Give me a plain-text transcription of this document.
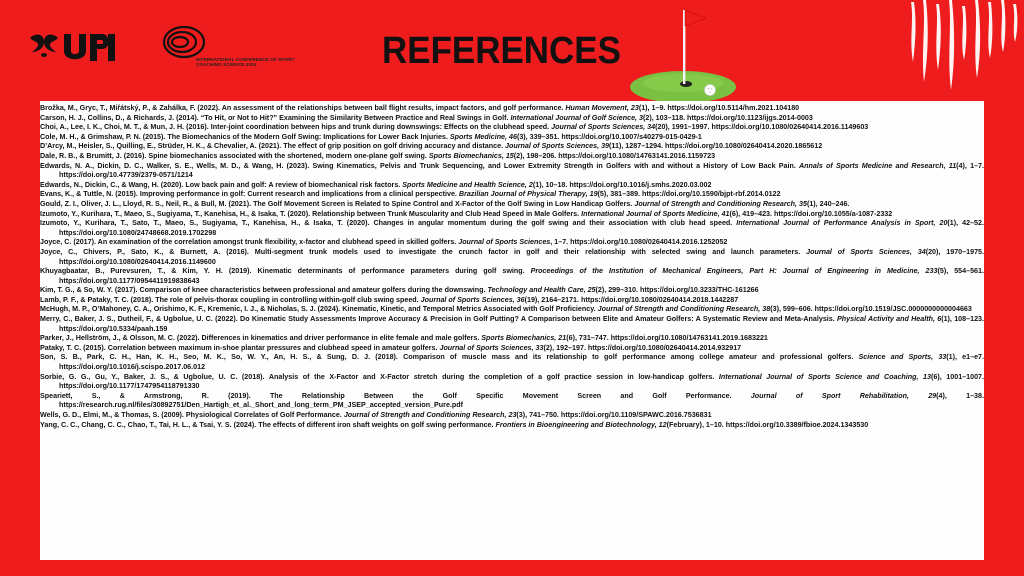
INTERNATIONAL CONFERENCE OF SPORT COACHING SCIENCE 2024	REFERENCES

Brožka, M., Gryc, T., Miřátský, P., & Zahálka, F. (2022). An assessment of the relationships between ball flight results, impact factors, and golf performance. Human Movement, 23(1), 1–9. https://doi.org/10.5114/hm.2021.104180

Carson, H. J., Collins, D., & Richards, J. (2014). “To Hit, or Not to Hit?” Examining the Similarity Between Practice and Real Swings in Golf. International Journal of Golf Science, 3(2), 103–118. https://doi.org/10.1123/ijgs.2014-0003

Choi, A., Lee, I. K., Choi, M. T., & Mun, J. H. (2016). Inter-joint coordination between hips and trunk during downswings: Effects on the clubhead speed. Journal of Sports Sciences, 34(20), 1991–1997. https://doi.org/10.1080/02640414.2016.1149603

Cole, M. H., & Grimshaw, P. N. (2015). The Biomechanics of the Modern Golf Swing: Implications for Lower Back Injuries. Sports Medicine, 46(3), 339–351. https://doi.org/10.1007/s40279-015-0429-1

D’Arcy, M., Heisler, S., Quilling, E., Strüder, H. K., & Chevalier, A. (2021). The effect of grip position on golf driving accuracy and distance. Journal of Sports Sciences, 39(11), 1287–1294. https://doi.org/10.1080/02640414.2020.1865612

Dale, R. B., & Brumitt, J. (2016). Spine biomechanics associated with the shortened, modern one-plane golf swing. Sports Biomechanics, 15(2), 198–206. https://doi.org/10.1080/14763141.2016.1159723

Edwards, N. A., Dickin, D. C., Walker, S. E., Wells, M. D., & Wang, H. (2023). Swing Kinematics, Pelvis and Trunk Sequencing, and Lower Extremity Strength in Golfers with and without a History of Low Back Pain. Annals of Sports Medicine and Research, 11(4), 1–7. https://doi.org/10.47739/2379-0571/1214

Edwards, N., Dickin, C., & Wang, H. (2020). Low back pain and golf: A review of biomechanical risk factors. Sports Medicine and Health Science, 2(1), 10–18. https://doi.org/10.1016/j.smhs.2020.03.002

Evans, K., & Tuttle, N. (2015). Improving performance in golf: Current research and implications from a clinical perspective. Brazilian Journal of Physical Therapy, 19(5), 381–389. https://doi.org/10.1590/bjpt-rbf.2014.0122

Gould, Z. I., Oliver, J. L., Lloyd, R. S., Neil, R., & Bull, M. (2021). The Golf Movement Screen is Related to Spine Control and X-Factor of the Golf Swing in Low Handicap Golfers. Journal of Strength and Conditioning Research, 35(1), 240–246.

Izumoto, Y., Kurihara, T., Maeo, S., Sugiyama, T., Kanehisa, H., & Isaka, T. (2020). Relationship between Trunk Muscularity and Club Head Speed in Male Golfers. International Journal of Sports Medicine, 41(6), 419–423. https://doi.org/10.1055/a-1087-2332

Izumoto, Y., Kurihara, T., Sato, T., Maeo, S., Sugiyama, T., Kanehisa, H., & Isaka, T. (2020). Changes in angular momentum during the golf swing and their association with club head speed. International Journal of Performance Analysis in Sport, 20(1), 42–52. https://doi.org/10.1080/24748668.2019.1702298

Joyce, C. (2017). An examination of the correlation amongst trunk flexibility, x-factor and clubhead speed in skilled golfers. Journal of Sports Sciences, 1–7. https://doi.org/10.1080/02640414.2016.1252052

Joyce, C., Chivers, P., Sato, K., & Burnett, A. (2016). Multi-segment trunk models used to investigate the crunch factor in golf and their relationship with selected swing and launch parameters. Journal of Sports Sciences, 34(20), 1970–1975. https://doi.org/10.1080/02640414.2016.1149600

Khuyagbaatar, B., Purevsuren, T., & Kim, Y. H. (2019). Kinematic determinants of performance parameters during golf swing. Proceedings of the Institution of Mechanical Engineers, Part H: Journal of Engineering in Medicine, 233(5), 554–561. https://doi.org/10.1177/0954411919838643

Kim, T. G., & So, W. Y. (2017). Comparison of knee characteristics between professional and amateur golfers during the downswing. Technology and Health Care, 25(2), 299–310. https://doi.org/10.3233/THC-161266

Lamb, P. F., & Pataky, T. C. (2018). The role of pelvis-thorax coupling in controlling within-golf club swing speed. Journal of Sports Sciences, 36(19), 2164–2171. https://doi.org/10.1080/02640414.2018.1442287

McHugh, M. P., O’Mahoney, C. A., Orishimo, K. F., Kremenic, I. J., & Nicholas, S. J. (2024). Kinematic, Kinetic, and Temporal Metrics Associated with Golf Proficiency. Journal of Strength and Conditioning Research, 38(3), 599–606. https://doi.org/10.1519/JSC.0000000000004663

Merry, C., Baker, J. S., Dutheil, F., & Ugbolue, U. C. (2022). Do Kinematic Study Assessments Improve Accuracy & Precision in Golf Putting? A Comparison between Elite and Amateur Golfers: A Systematic Review and Meta-Analysis. Physical Activity and Health, 6(1), 108–123. https://doi.org/10.5334/paah.159

Parker, J., Hellström, J., & Olsson, M. C. (2022). Differences in kinematics and driver performance in elite female and male golfers. Sports Biomechanics, 21(6), 731–747. https://doi.org/10.1080/14763141.2019.1683221

Pataky, T. C. (2015). Correlation between maximum in-shoe plantar pressures and clubhead speed in amateur golfers. Journal of Sports Sciences, 33(2), 192–197. https://doi.org/10.1080/02640414.2014.932917

Son, S. B., Park, C. H., Han, K. H., Seo, M. K., So, W. Y., An, H. S., & Sung, D. J. (2018). Comparison of muscle mass and its relationship to golf performance among college amateur and professional golfers. Science and Sports, 33(1), e1–e7. https://doi.org/10.1016/j.scispo.2017.06.012

Sorbie, G. G., Gu, Y., Baker, J. S., & Ugbolue, U. C. (2018). Analysis of the X-Factor and X-Factor stretch during the completion of a golf practice session in low-handicap golfers. International Journal of Sports Science and Coaching, 13(6), 1001–1007. https://doi.org/10.1177/1747954118791330

Speariett, S., & Armstrong, R. (2019). The Relationship Between the Golf Specific Movement Screen and Golf Performance. Journal of Sport Rehabilitation, 29(4), 1–38. https://research.rug.nl/files/30892751/Den_Hartigh_et_al._Short_and_long_term_PM_JSEP_accepted_version_Pure.pdf

Wells, G. D., Elmi, M., & Thomas, S. (2009). Physiological Correlates of Golf Performance. Journal of Strength and Conditioning Research, 23(3), 741–750. https://doi.org/10.1109/SPAWC.2016.7536831

Yang, C. C., Chang, C. C., Chao, T., Tai, H. L., & Tsai, Y. S. (2024). The effects of different iron shaft weights on golf swing performance. Frontiers in Bioengineering and Biotechnology, 12(February), 1–10. https://doi.org/10.3389/fbioe.2024.1343530
